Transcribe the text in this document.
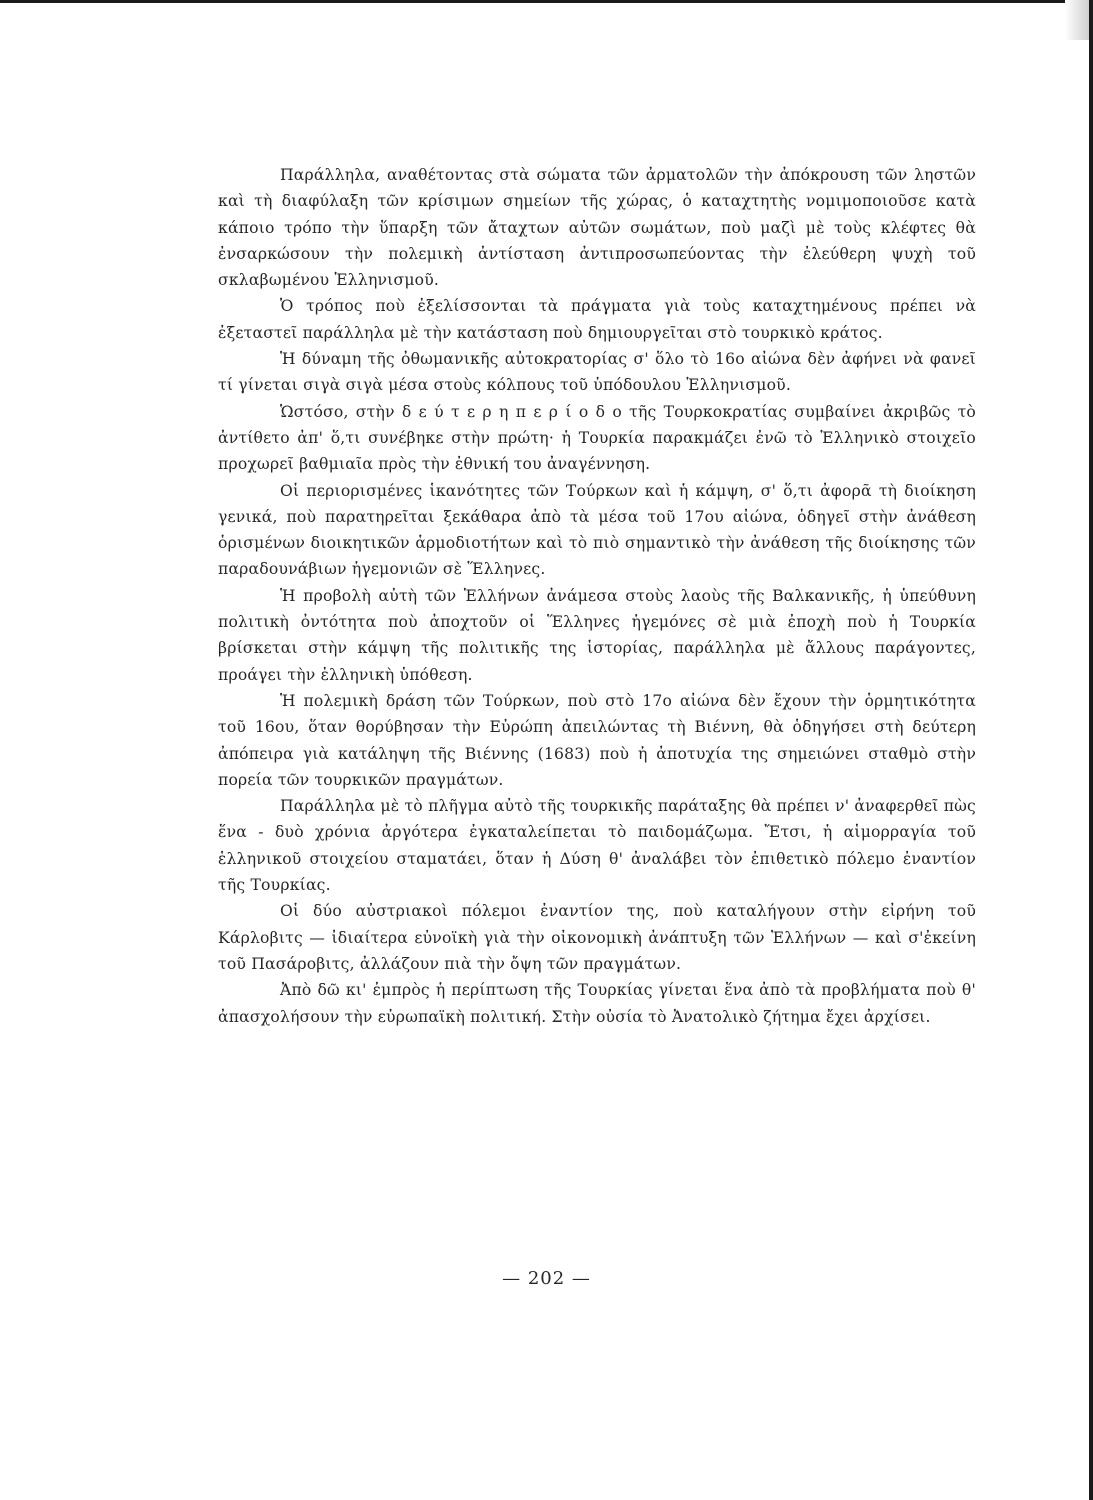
Παράλληλα, αναθέτοντας στὰ σώματα τῶν ἀρματολῶν τὴν ἀπόκρουση τῶν ληστῶν καὶ τὴ διαφύλαξη τῶν κρίσιμων σημείων τῆς χώρας, ὁ καταχτητὴς νομιμοποιοῦσε κατὰ κάποιο τρόπο τὴν ὕπαρξη τῶν ἄταχτων αὐτῶν σωμάτων, ποὺ μαζὶ μὲ τοὺς κλέφτες θὰ ἐνσαρκώσουν τὴν πολεμικὴ ἀντίσταση ἀντιπροσωπεύοντας τὴν ἐλεύθερη ψυχὴ τοῦ σκλαβωμένου Ἑλληνισμοῦ.

Ὁ τρόπος ποὺ ἐξελίσσονται τὰ πράγματα γιὰ τοὺς καταχτημένους πρέπει νὰ ἐξεταστεῖ παράλληλα μὲ τὴν κατάσταση ποὺ δημιουργεῖται στὸ τουρκικὸ κράτος.

Ἡ δύναμη τῆς ὀθωμανικῆς αὐτοκρατορίας σ' ὅλο τὸ 16ο αἰώνα δὲν ἀφήνει νὰ φανεῖ τί γίνεται σιγὰ σιγὰ μέσα στοὺς κόλπους τοῦ ὑπόδουλου Ἑλληνισμοῦ.

Ὡστόσο, στὴν δ ε ύ τ ε ρ η π ε ρ ί ο δ ο τῆς Τουρκοκρατίας συμβαίνει ἀκριβῶς τὸ ἀντίθετο ἀπ' ὅ,τι συνέβηκε στὴν πρώτη· ἡ Τουρκία παρακμάζει ἐνῶ τὸ Ἑλληνικὸ στοιχεῖο προχωρεῖ βαθμιαῖα πρὸς τὴν ἐθνική του ἀναγέννηση.

Οἱ περιορισμένες ἱκανότητες τῶν Τούρκων καὶ ἡ κάμψη, σ' ὅ,τι ἀφορᾶ τὴ διοίκηση γενικά, ποὺ παρατηρεῖται ξεκάθαρα ἀπὸ τὰ μέσα τοῦ 17ου αἰώνα, ὁδηγεῖ στὴν ἀνάθεση ὁρισμένων διοικητικῶν ἁρμοδιοτήτων καὶ τὸ πιὸ σημαντικὸ τὴν ἀνάθεση τῆς διοίκησης τῶν παραδουνάβιων ἡγεμονιῶν σὲ Ἕλληνες.

Ἡ προβολὴ αὐτὴ τῶν Ἑλλήνων ἀνάμεσα στοὺς λαοὺς τῆς Βαλκανικῆς, ἡ ὑπεύθυνη πολιτικὴ ὀντότητα ποὺ ἀποχτοῦν οἱ Ἕλληνες ἡγεμόνες σὲ μιὰ ἐποχὴ ποὺ ἡ Τουρκία βρίσκεται στὴν κάμψη τῆς πολιτικῆς της ἱστορίας, παράλληλα μὲ ἄλλους παράγοντες, προάγει τὴν ἑλληνικὴ ὑπόθεση.

Ἡ πολεμικὴ δράση τῶν Τούρκων, ποὺ στὸ 17ο αἰώνα δὲν ἔχουν τὴν ὁρμητικότητα τοῦ 16ου, ὅταν θορύβησαν τὴν Εὐρώπη ἀπειλώντας τὴ Βιέννη, θὰ ὁδηγήσει στὴ δεύτερη ἀπόπειρα γιὰ κατάληψη τῆς Βιέννης (1683) ποὺ ἡ ἀποτυχία της σημειώνει σταθμὸ στὴν πορεία τῶν τουρκικῶν πραγμάτων.

Παράλληλα μὲ τὸ πλῆγμα αὐτὸ τῆς τουρκικῆς παράταξης θὰ πρέπει ν' ἀναφερθεῖ πὼς ἕνα - δυὸ χρόνια ἀργότερα ἐγκαταλείπεται τὸ παιδομάζωμα. Ἔτσι, ἡ αἱμορραγία τοῦ ἑλληνικοῦ στοιχείου σταματάει, ὅταν ἡ Δύση θ' ἀναλάβει τὸν ἐπιθετικὸ πόλεμο ἐναντίον τῆς Τουρκίας.

Οἱ δύο αὐστριακοὶ πόλεμοι ἐναντίον της, ποὺ καταλήγουν στὴν εἰρήνη τοῦ Κάρλοβιτς — ἰδιαίτερα εὐνοϊκὴ γιὰ τὴν οἰκονομικὴ ἀνάπτυξη τῶν Ἑλλήνων — καὶ σ'ἐκείνη τοῦ Πασάροβιτς, ἀλλάζουν πιὰ τὴν ὄψη τῶν πραγμάτων.

Ἀπὸ δῶ κι' ἐμπρὸς ἡ περίπτωση τῆς Τουρκίας γίνεται ἕνα ἀπὸ τὰ προβλήματα ποὺ θ' ἀπασχολήσουν τὴν εὐρωπαϊκὴ πολιτική. Στὴν οὐσία τὸ Ἀνατολικὸ ζήτημα ἔχει ἀρχίσει.

— 202 —
